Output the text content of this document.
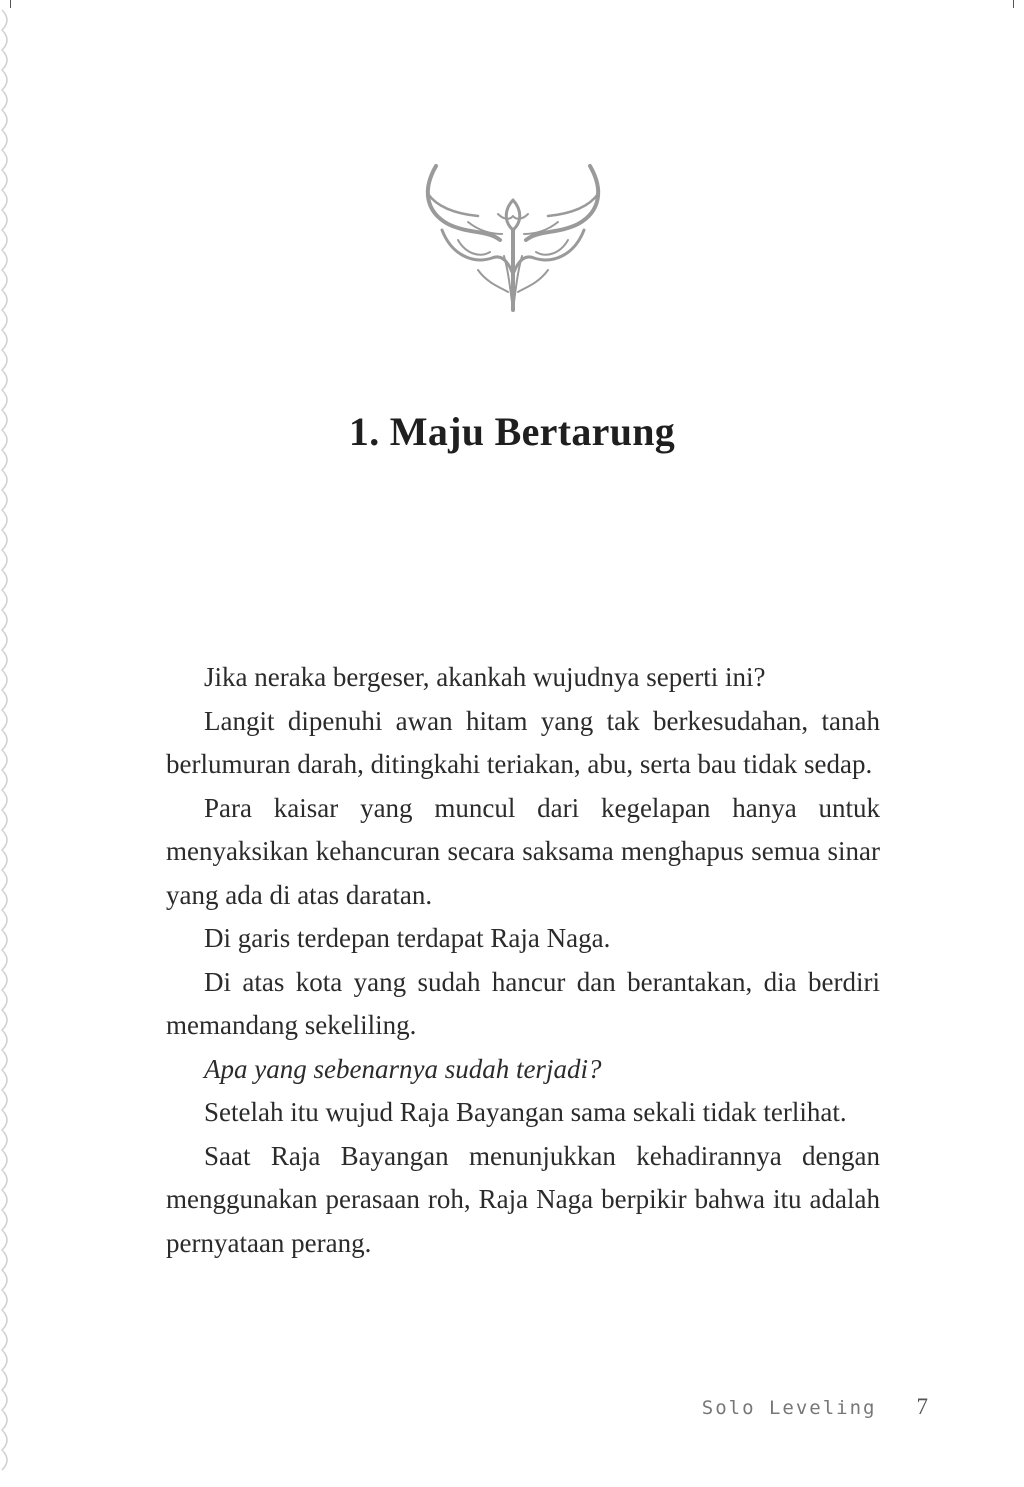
1. Maju Bertarung

Jika neraka bergeser, akankah wujudnya seperti ini?

Langit dipenuhi awan hitam yang tak berkesudahan, tanah berlumuran darah, ditingkahi teriakan, abu, serta bau tidak sedap.

Para kaisar yang muncul dari kegelapan hanya untuk menyaksikan kehancuran secara saksama menghapus semua sinar yang ada di atas daratan.

Di garis terdepan terdapat Raja Naga.

Di atas kota yang sudah hancur dan berantakan, dia berdiri memandang sekeliling.

Apa yang sebenarnya sudah terjadi?

Setelah itu wujud Raja Bayangan sama sekali tidak terlihat.

Saat Raja Bayangan menunjukkan kehadirannya dengan menggunakan perasaan roh, Raja Naga berpikir bahwa itu adalah pernyataan perang.

Solo Leveling 7
